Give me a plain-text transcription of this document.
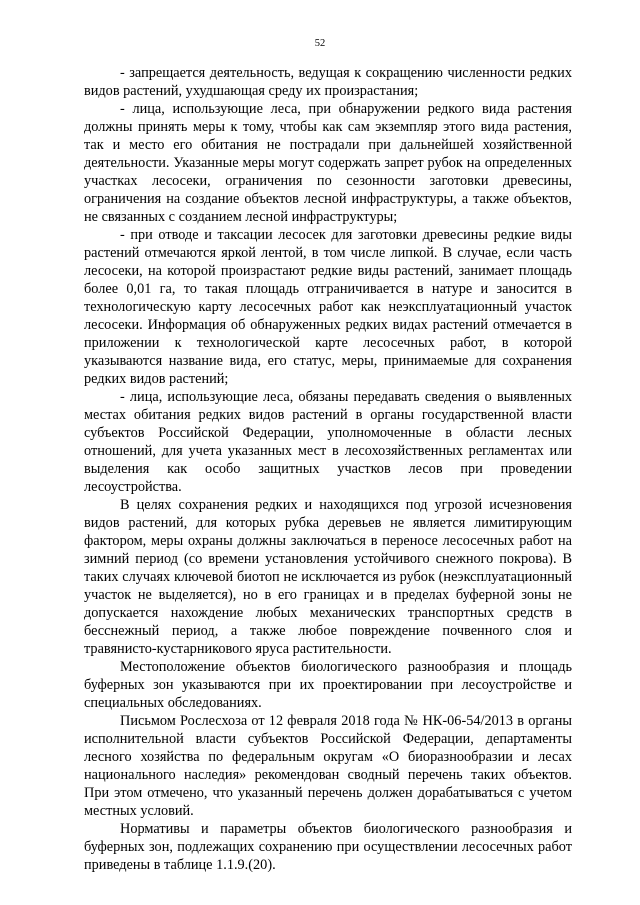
52

- запрещается деятельность, ведущая к сокращению численности редких видов растений, ухудшающая среду их произрастания;

- лица, использующие леса, при обнаружении редкого вида растения должны принять меры к тому, чтобы как сам экземпляр этого вида растения, так и место его обитания не пострадали при дальнейшей хозяйственной деятельности. Указанные меры могут содержать запрет рубок на определенных участках лесосеки, ограничения по сезонности заготовки древесины, ограничения на создание объектов лесной инфраструктуры, а также объектов, не связанных с созданием лесной инфраструктуры;

- при отводе и таксации лесосек для заготовки древесины редкие виды растений отмечаются яркой лентой, в том числе липкой. В случае, если часть лесосеки, на которой произрастают редкие виды растений, занимает площадь более 0,01 га, то такая площадь отграничивается в натуре и заносится в технологическую карту лесосечных работ как неэксплуатационный участок лесосеки. Информация об обнаруженных редких видах растений отмечается в приложении к технологической карте лесосечных работ, в которой указываются название вида, его статус, меры, принимаемые для сохранения редких видов растений;

- лица, использующие леса, обязаны передавать сведения о выявленных местах обитания редких видов растений в органы государственной власти субъектов Российской Федерации, уполномоченные в области лесных отношений, для учета указанных мест в лесохозяйственных регламентах или выделения как особо защитных участков лесов при проведении лесоустройства.

В целях сохранения редких и находящихся под угрозой исчезновения видов растений, для которых рубка деревьев не является лимитирующим фактором, меры охраны должны заключаться в переносе лесосечных работ на зимний период (со времени установления устойчивого снежного покрова). В таких случаях ключевой биотоп не исключается из рубок (неэксплуатационный участок не выделяется), но в его границах и в пределах буферной зоны не допускается нахождение любых механических транспортных средств в бесснежный период, а также любое повреждение почвенного слоя и травянисто-кустарникового яруса растительности.

Местоположение объектов биологического разнообразия и площадь буферных зон указываются при их проектировании при лесоустройстве и специальных обследованиях.

Письмом Рослесхоза от 12 февраля 2018 года № НК-06-54/2013 в органы исполнительной власти субъектов Российской Федерации, департаменты лесного хозяйства по федеральным округам «О биоразнообразии и лесах национального наследия» рекомендован сводный перечень таких объектов. При этом отмечено, что указанный перечень должен дорабатываться с учетом местных условий.

Нормативы и параметры объектов биологического разнообразия и буферных зон, подлежащих сохранению при осуществлении лесосечных работ приведены в таблице 1.1.9.(20).
